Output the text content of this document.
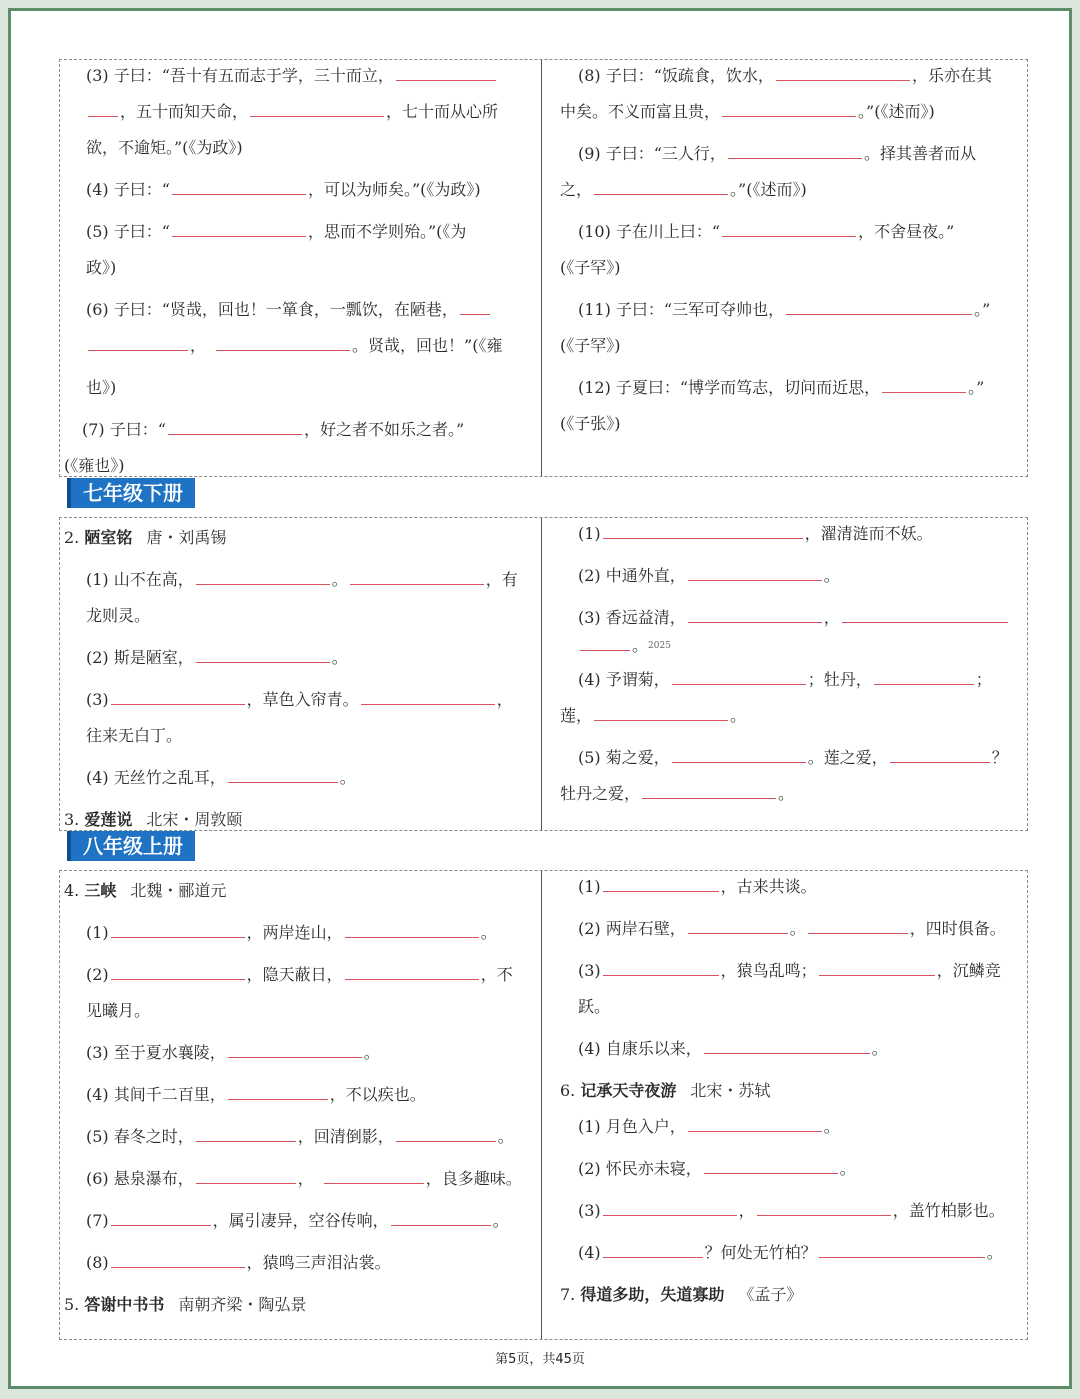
(3) 子曰：“吾十有五而志于学，三十而立，
，五十而知天命，	，七十而从心所
欲，不逾矩。”(《为政》)
(4) 子曰：“	，可以为师矣。”(《为政》)
(5) 子曰：“	，思而不学则殆。”(《为
政》)
(6) 子曰：“贤哉，回也！一箪食，一瓢饮，在陋巷，
，	。贤哉，回也！”(《雍
也》)
(7) 子曰：“	，好之者不如乐之者。”
(《雍也》)
(8) 子曰：“饭疏食，饮水，	，乐亦在其
中矣。不义而富且贵，	。”(《述而》)
(9) 子曰：“三人行，	。择其善者而从
之，	。”(《述而》)
(10) 子在川上曰：“	，不舍昼夜。”
(《子罕》)
(11) 子曰：“三军可夺帅也，	。”
(《子罕》)
(12) 子夏曰：“博学而笃志，切问而近思，	。”
(《子张》)
七年级下册
2. 陋室铭 唐・刘禹锡
(1) 山不在高，	。	，有
龙则灵。
(2) 斯是陋室，	。
(3)	，草色入帘青。	，
往来无白丁。
(4) 无丝竹之乱耳，	。
3. 爱莲说 北宋・周敦颐
(1)	，濯清涟而不妖。
(2) 中通外直，	。
(3) 香远益清，	，
。$^{2025}$
(4) 予谓菊，	；牡丹，	；
莲，	。
(5) 菊之爱，	。莲之爱，	？
牡丹之爱，	。
八年级上册
4. 三峡 北魏・郦道元
(1)	，两岸连山，	。
(2)	，隐天蔽日，	，不
见曦月。
(3) 至于夏水襄陵，	。
(4) 其间千二百里，	，不以疾也。
(5) 春冬之时，	，回清倒影，	。
(6) 悬泉瀑布，	，	，良多趣味。
(7)	，属引凄异，空谷传响，	。
(8)	，猿鸣三声泪沾裳。
5. 答谢中书书 南朝齐梁・陶弘景
(1)	，古来共谈。
(2) 两岸石壁，	。	，四时俱备。
(3)	，猿鸟乱鸣；	，沉鳞竞
跃。
(4) 自康乐以来，	。
6. 记承天寺夜游 北宋・苏轼
(1) 月色入户，	。
(2) 怀民亦未寝，	。
(3)	，	，盖竹柏影也。
(4)	？何处无竹柏？	。
7. 得道多助，失道寡助 《孟子》
第5页，共45页
